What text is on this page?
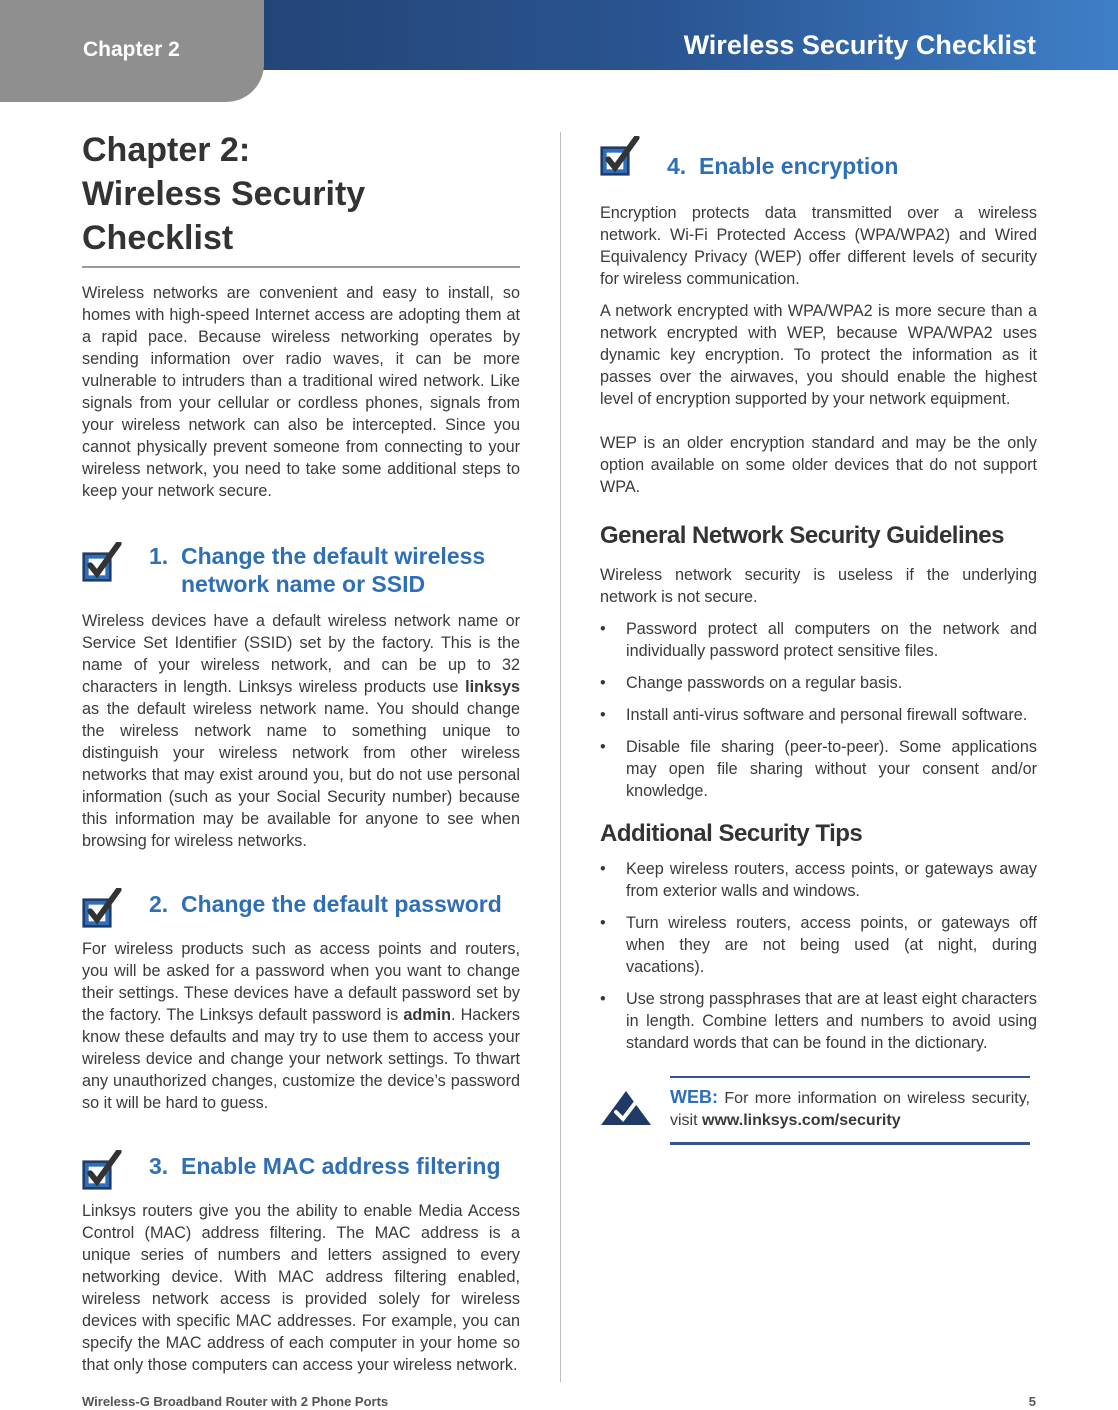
Chapter 2	Wireless Security Checklist
Chapter 2:
Wireless Security Checklist

Wireless networks are convenient and easy to install, so homes with high-speed Internet access are adopting them at a rapid pace. Because wireless networking operates by sending information over radio waves, it can be more vulnerable to intruders than a traditional wired network. Like signals from your cellular or cordless phones, signals from your wireless network can also be intercepted. Since you cannot physically prevent someone from connecting to your wireless network, you need to take some additional steps to keep your network secure.

1. Change the default wireless
network name or SSID

Wireless devices have a default wireless network name or Service Set Identifier (SSID) set by the factory. This is the name of your wireless network, and can be up to 32 characters in length. Linksys wireless products use linksys as the default wireless network name. You should change the wireless network name to something unique to distinguish your wireless network from other wireless networks that may exist around you, but do not use personal information (such as your Social Security number) because this information may be available for anyone to see when browsing for wireless networks.

2. Change the default password

For wireless products such as access points and routers, you will be asked for a password when you want to change their settings. These devices have a default password set by the factory. The Linksys default password is admin. Hackers know these defaults and may try to use them to access your wireless device and change your network settings. To thwart any unauthorized changes, customize the device’s password so it will be hard to guess.

3. Enable MAC address filtering

Linksys routers give you the ability to enable Media Access Control (MAC) address filtering. The MAC address is a unique series of numbers and letters assigned to every networking device. With MAC address filtering enabled, wireless network access is provided solely for wireless devices with specific MAC addresses. For example, you can specify the MAC address of each computer in your home so that only those computers can access your wireless network.

4. Enable encryption

Encryption protects data transmitted over a wireless network. Wi-Fi Protected Access (WPA/WPA2) and Wired Equivalency Privacy (WEP) offer different levels of security for wireless communication.

A network encrypted with WPA/WPA2 is more secure than a network encrypted with WEP, because WPA/WPA2 uses dynamic key encryption. To protect the information as it passes over the airwaves, you should enable the highest level of encryption supported by your network equipment.

WEP is an older encryption standard and may be the only option available on some older devices that do not support WPA.

General Network Security Guidelines

Wireless network security is useless if the underlying network is not secure.

• Password protect all computers on the network and individually password protect sensitive files.
• Change passwords on a regular basis.
• Install anti-virus software and personal firewall software.
• Disable file sharing (peer-to-peer). Some applications may open file sharing without your consent and/or knowledge.
Additional Security Tips
• Keep wireless routers, access points, or gateways away from exterior walls and windows.
• Turn wireless routers, access points, or gateways off when they are not being used (at night, during vacations).
• Use strong passphrases that are at least eight characters in length. Combine letters and numbers to avoid using standard words that can be found in the dictionary.

WEB: For more information on wireless security, visit www.linksys.com/security

Wireless-G Broadband Router with 2 Phone Ports	5
